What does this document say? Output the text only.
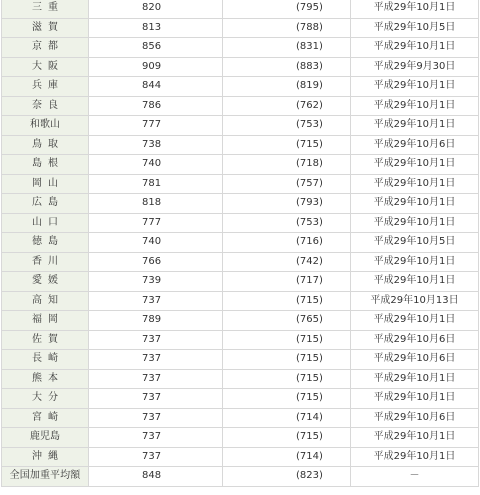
三重	820	(795)	平成29年10月1日
滋賀	813	(788)	平成29年10月5日
京都	856	(831)	平成29年10月1日
大阪	909	(883)	平成29年9月30日
兵庫	844	(819)	平成29年10月1日
奈良	786	(762)	平成29年10月1日
和歌山	777	(753)	平成29年10月1日
鳥取	738	(715)	平成29年10月6日
島根	740	(718)	平成29年10月1日
岡山	781	(757)	平成29年10月1日
広島	818	(793)	平成29年10月1日
山口	777	(753)	平成29年10月1日
徳島	740	(716)	平成29年10月5日
香川	766	(742)	平成29年10月1日
愛媛	739	(717)	平成29年10月1日
高知	737	(715)	平成29年10月13日
福岡	789	(765)	平成29年10月1日
佐賀	737	(715)	平成29年10月6日
長崎	737	(715)	平成29年10月6日
熊本	737	(715)	平成29年10月1日
大分	737	(715)	平成29年10月1日
宮崎	737	(714)	平成29年10月6日
鹿児島	737	(715)	平成29年10月1日
沖縄	737	(714)	平成29年10月1日
全国加重平均額	848	(823)	－
